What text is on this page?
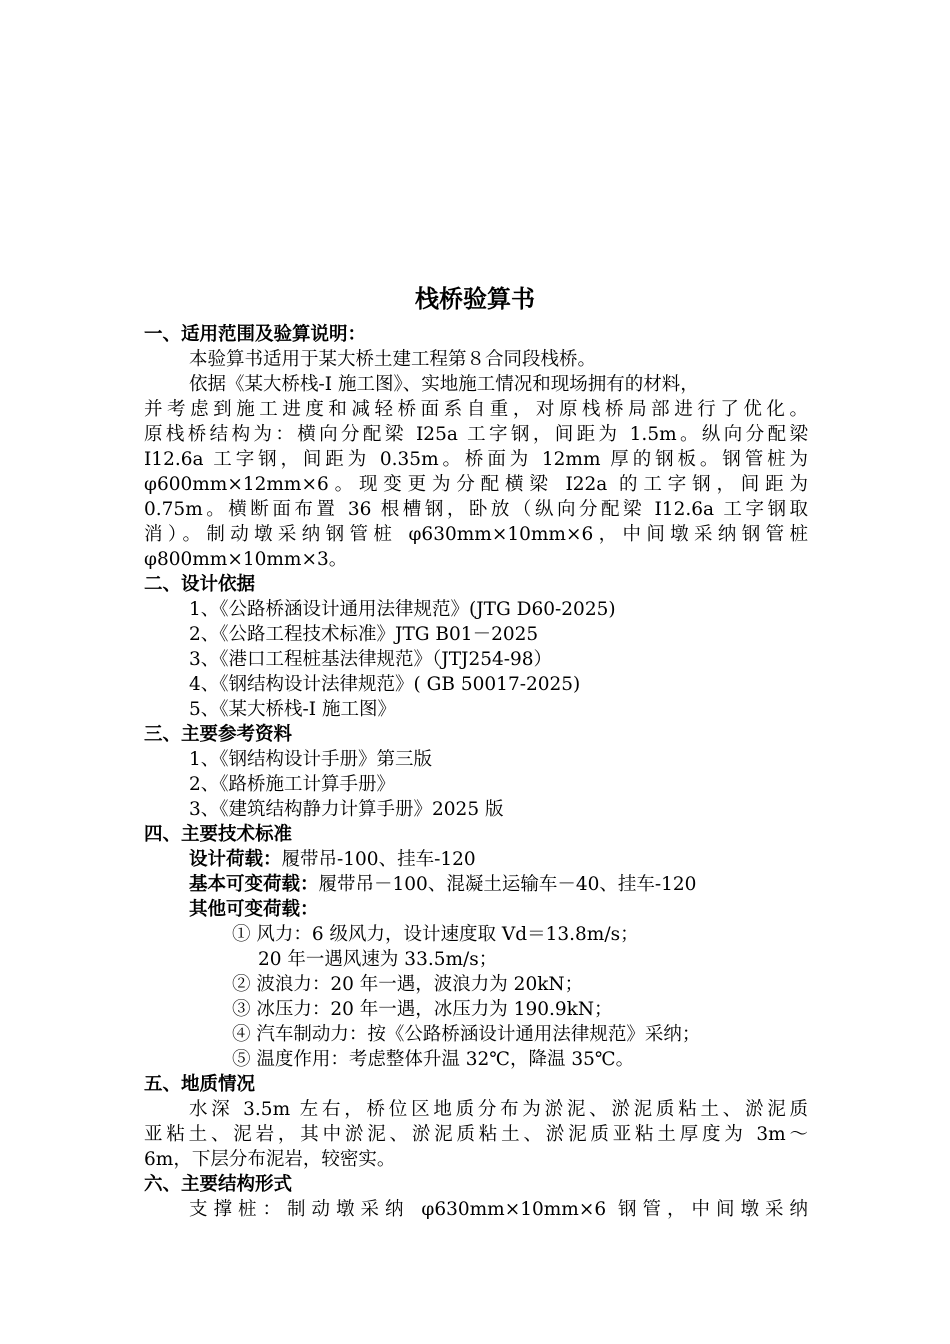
栈桥验算书
一、适用范围及验算说明：
本验算书适用于某大桥土建工程第８合同段栈桥。
依据《某大桥栈-I 施工图》、实地施工情况和现场拥有的材料，
并考虑到施工进度和减轻桥面系自重，对原栈桥局部进行了优化。
原栈桥结构为：横向分配梁 I25a 工字钢，间距为 1.5m。纵向分配梁
I12.6a 工字钢，间距为 0.35m。桥面为 12mm 厚的钢板。钢管桩为
φ600mm×12mm×6。现变更为分配横梁 I22a 的工字钢，间距为
0.75m。横断面布置 36 根槽钢，卧放（纵向分配梁 I12.6a 工字钢取
消）。制动墩采纳钢管桩 φ630mm×10mm×6，中间墩采纳钢管桩
φ800mm×10mm×3。
二、设计依据
1、《公路桥涵设计通用法律规范》(JTG D60-2025)
2、《公路工程技术标准》JTG B01－2025
3、《港口工程桩基法律规范》（JTJ254-98）
4、《钢结构设计法律规范》( GB 50017-2025)
5、《某大桥栈-I 施工图》
三、主要参考资料
1、《钢结构设计手册》第三版
2、《路桥施工计算手册》
3、《建筑结构静力计算手册》2025 版
四、主要技术标准
设计荷载：履带吊-100、挂车-120
基本可变荷载：履带吊－100、混凝土运输车－40、挂车-120
其他可变荷载：
① 风力：6 级风力，设计速度取 Vd＝13.8m/s；
20 年一遇风速为 33.5m/s；
② 波浪力：20 年一遇，波浪力为 20kN；
③ 冰压力：20 年一遇，冰压力为 190.9kN；
④ 汽车制动力：按《公路桥涵设计通用法律规范》采纳；
⑤ 温度作用：考虑整体升温 32℃，降温 35℃。
五、地质情况
水深 3.5m 左右，桥位区地质分布为淤泥、淤泥质粘土、淤泥质
亚粘土、泥岩，其中淤泥、淤泥质粘土、淤泥质亚粘土厚度为 3m～
6m，下层分布泥岩，较密实。
六、主要结构形式
支撑桩：制动墩采纳 φ630mm×10mm×6 钢管，中间墩采纳
